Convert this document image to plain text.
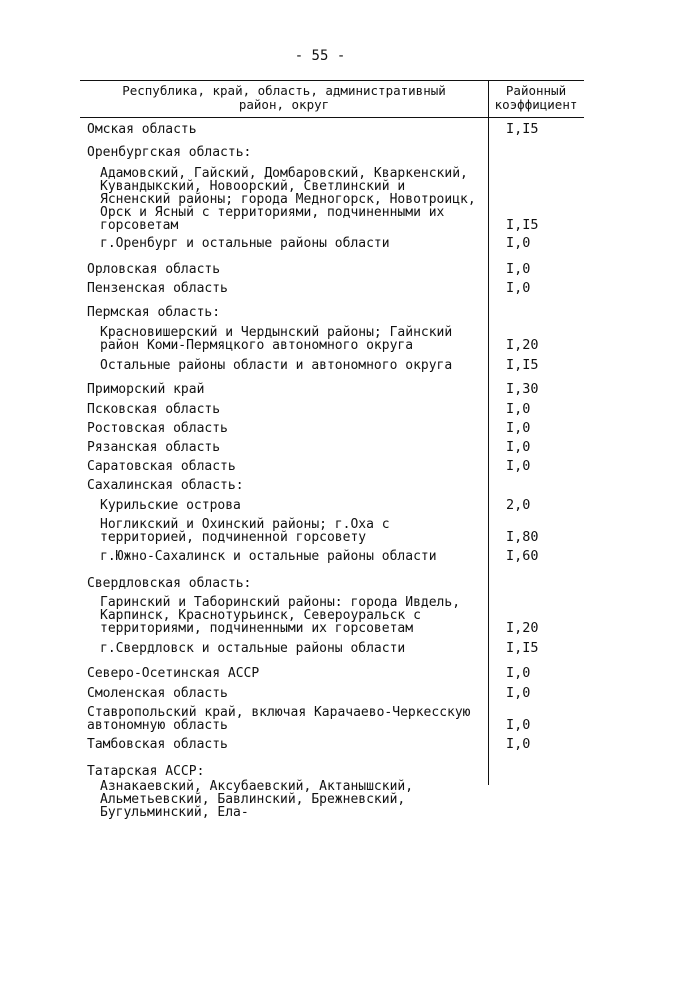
- 55 -
Республика, край, область, административный район, округ
Районный коэффициент
Омская область	I,I5
Оренбургская область:
Адамовский, Гайский, Домбаровский, Кваркенский,
Кувандыкский, Новоорский, Светлинский и Ясненский районы; города Медногорск, Новотроицк,
Орск и Ясный с территориями, подчиненными их
горсоветам	I,I5
г.Оренбург и остальные районы области	I,0
Орловская область	I,0
Пензенская область	I,0
Пермская область:
Красновишерский и Чердынский районы; Гайнский
район Коми-Пермяцкого автономного округа	I,20
Остальные районы области и автономного округа	I,I5
Приморский край	I,30
Псковская область	I,0
Ростовская область	I,0
Рязанская область	I,0
Саратовская область	I,0
Сахалинская область:
Курильские острова	2,0
Ногликский и Охинский районы; г.Оха с территорией, подчиненной горсовету	I,80
г.Южно-Сахалинск и остальные районы области	I,60
Свердловская область:
Гаринский и Таборинский районы: города Ивдель,
Карпинск, Краснотурьинск, Североуральск с территориями, подчиненными их горсоветам	I,20
г.Свердловск и остальные районы области	I,I5
Северо-Осетинская АССР	I,0
Смоленская область	I,0
Ставропольский край, включая Карачаево-Черкесскую
автономную область	I,0
Тамбовская область	I,0
Татарская АССР:
Азнакаевский, Аксубаевский, Актанышский, Альметьевский, Бавлинский, Брежневский, Бугульминский, Ела-
